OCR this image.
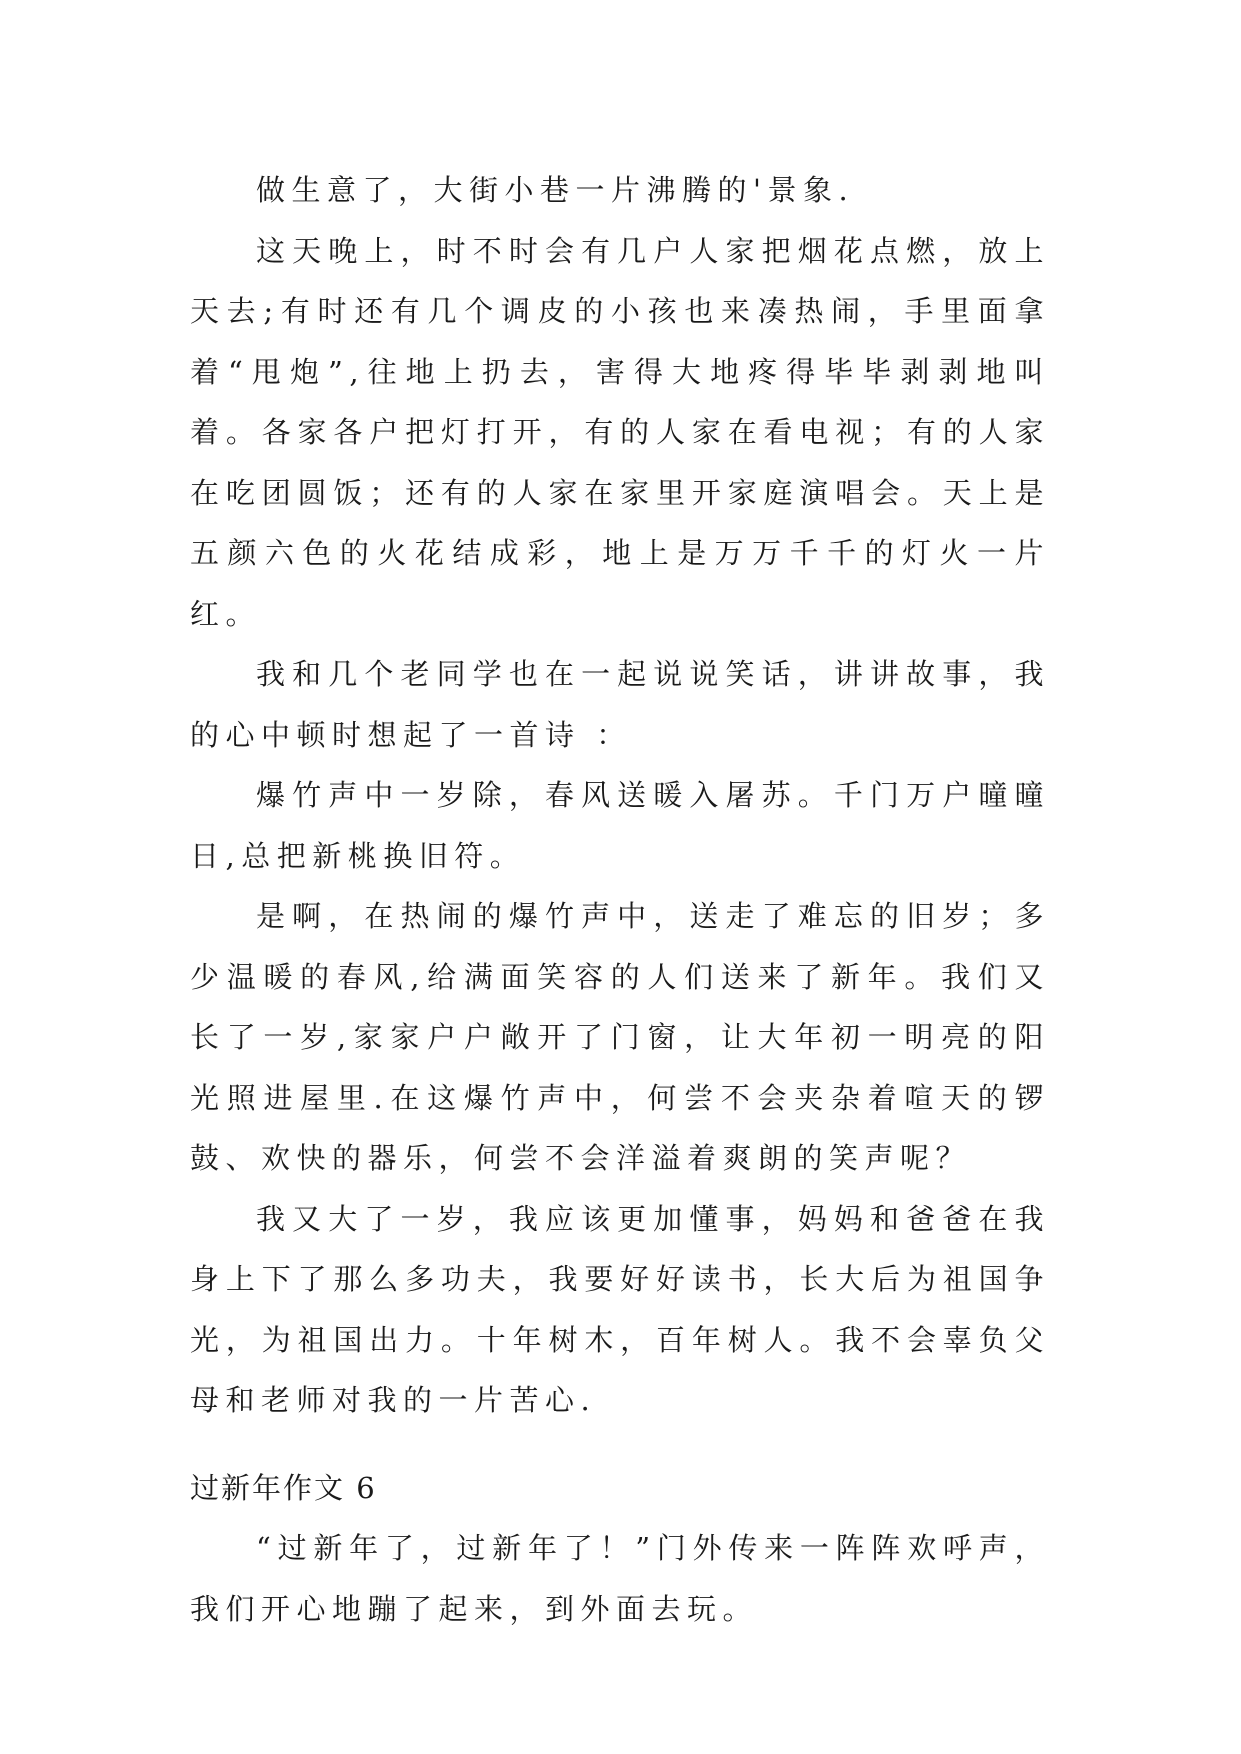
做生意了，大街小巷一片沸腾的'景象.

这天晚上，时不时会有几户人家把烟花点燃，放上天去;有时还有几个调皮的小孩也来凑热闹，手里面拿着“甩炮”,往地上扔去，害得大地疼得毕毕剥剥地叫着。各家各户把灯打开，有的人家在看电视；有的人家在吃团圆饭；还有的人家在家里开家庭演唱会。天上是五颜六色的火花结成彩，地上是万万千千的灯火一片红。

我和几个老同学也在一起说说笑话，讲讲故事，我的心中顿时想起了一首诗 ：

爆竹声中一岁除，春风送暖入屠苏。千门万户曈曈日,总把新桃换旧符。

是啊，在热闹的爆竹声中，送走了难忘的旧岁；多少温暖的春风,给满面笑容的人们送来了新年。我们又长了一岁,家家户户敞开了门窗，让大年初一明亮的阳光照进屋里.在这爆竹声中，何尝不会夹杂着喧天的锣鼓、欢快的器乐，何尝不会洋溢着爽朗的笑声呢？

我又大了一岁，我应该更加懂事，妈妈和爸爸在我身上下了那么多功夫，我要好好读书，长大后为祖国争光，为祖国出力。十年树木，百年树人。我不会辜负父母和老师对我的一片苦心.

过新年作文 6

“过新年了，过新年了！”门外传来一阵阵欢呼声，我们开心地蹦了起来，到外面去玩。
